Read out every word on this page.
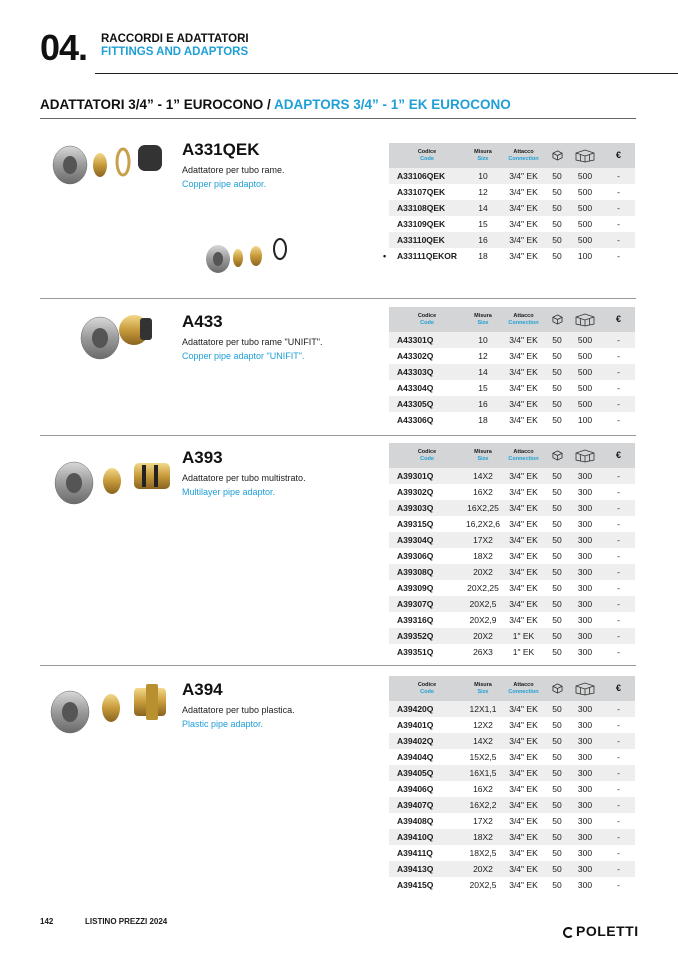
04. RACCORDI E ADATTATORI
FITTINGS AND ADAPTORS
ADATTATORI 3/4” - 1” EUROCONO / ADAPTORS 3/4” - 1” EK EUROCONO
A331QEK
Adattatore per tubo rame.
Copper pipe adaptor.
Codice
Code	Misura
Size	Attacco
Connection			€
A33106QEK	10	3/4" EK	50	500	-
A33107QEK	12	3/4" EK	50	500	-
A33108QEK	14	3/4" EK	50	500	-
A33109QEK	15	3/4" EK	50	500	-
A33110QEK	16	3/4" EK	50	500	-

• A33111QEKOR	18	3/4" EK	50	100	-
A433
Adattatore per tubo rame "UNIFIT".
Copper pipe adaptor "UNIFIT".
Codice
Code	Misura
Size	Attacco
Connection			€
A43301Q	10	3/4" EK	50	500	-
A43302Q	12	3/4" EK	50	500	-
A43303Q	14	3/4" EK	50	500	-
A43304Q	15	3/4" EK	50	500	-
A43305Q	16	3/4" EK	50	500	-
A43306Q	18	3/4" EK	50	100	-
A393
Adattatore per tubo multistrato.
Multilayer pipe adaptor.
Codice
Code	Misura
Size	Attacco
Connection			€
A39301Q	14X2	3/4" EK	50	300	-
A39302Q	16X2	3/4" EK	50	300	-
A39303Q	16X2,25	3/4" EK	50	300	-
A39315Q	16,2X2,6	3/4" EK	50	300	-
A39304Q	17X2	3/4" EK	50	300	-
A39306Q	18X2	3/4" EK	50	300	-
A39308Q	20X2	3/4" EK	50	300	-
A39309Q	20X2,25	3/4" EK	50	300	-
A39307Q	20X2,5	3/4" EK	50	300	-
A39316Q	20X2,9	3/4" EK	50	300	-
A39352Q	20X2	1" EK	50	300	-
A39351Q	26X3	1" EK	50	300	-
A394
Adattatore per tubo plastica.
Plastic pipe adaptor.
Codice
Code	Misura
Size	Attacco
Connection			€
A39420Q	12X1,1	3/4" EK	50	300	-
A39401Q	12X2	3/4" EK	50	300	-
A39402Q	14X2	3/4" EK	50	300	-
A39404Q	15X2,5	3/4" EK	50	300	-
A39405Q	16X1,5	3/4" EK	50	300	-
A39406Q	16X2	3/4" EK	50	300	-
A39407Q	16X2,2	3/4" EK	50	300	-
A39408Q	17X2	3/4" EK	50	300	-
A39410Q	18X2	3/4" EK	50	300	-
A39411Q	18X2,5	3/4" EK	50	300	-
A39413Q	20X2	3/4" EK	50	300	-
A39415Q	20X2,5	3/4" EK	50	300	-
142	LISTINO PREZZI 2024
POLETTI
